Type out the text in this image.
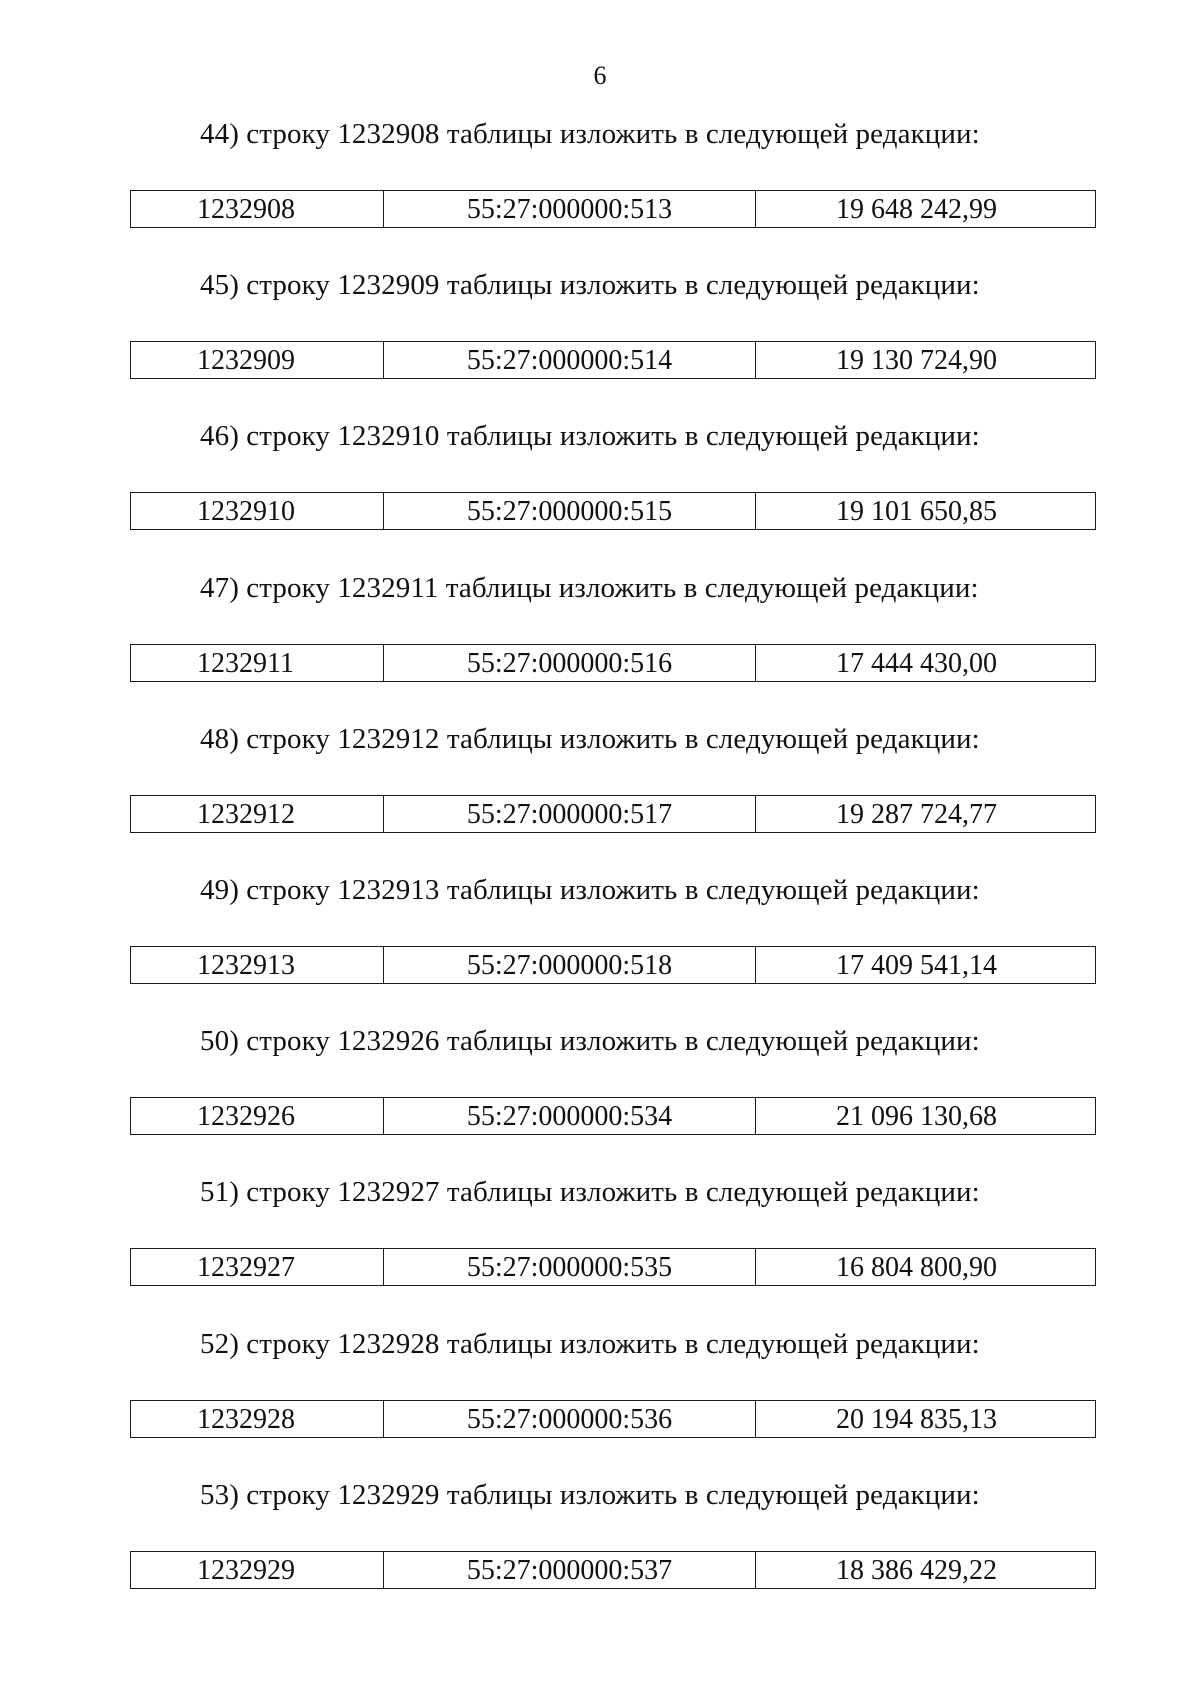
6
44) строку 1232908 таблицы изложить в следующей редакции:
1232908	55:27:000000:513	19 648 242,99
45) строку 1232909 таблицы изложить в следующей редакции:
1232909	55:27:000000:514	19 130 724,90
46) строку 1232910 таблицы изложить в следующей редакции:
1232910	55:27:000000:515	19 101 650,85
47) строку 1232911 таблицы изложить в следующей редакции:
1232911	55:27:000000:516	17 444 430,00
48) строку 1232912 таблицы изложить в следующей редакции:
1232912	55:27:000000:517	19 287 724,77
49) строку 1232913 таблицы изложить в следующей редакции:
1232913	55:27:000000:518	17 409 541,14
50) строку 1232926 таблицы изложить в следующей редакции:
1232926	55:27:000000:534	21 096 130,68
51) строку 1232927 таблицы изложить в следующей редакции:
1232927	55:27:000000:535	16 804 800,90
52) строку 1232928 таблицы изложить в следующей редакции:
1232928	55:27:000000:536	20 194 835,13
53) строку 1232929 таблицы изложить в следующей редакции:
1232929	55:27:000000:537	18 386 429,22
